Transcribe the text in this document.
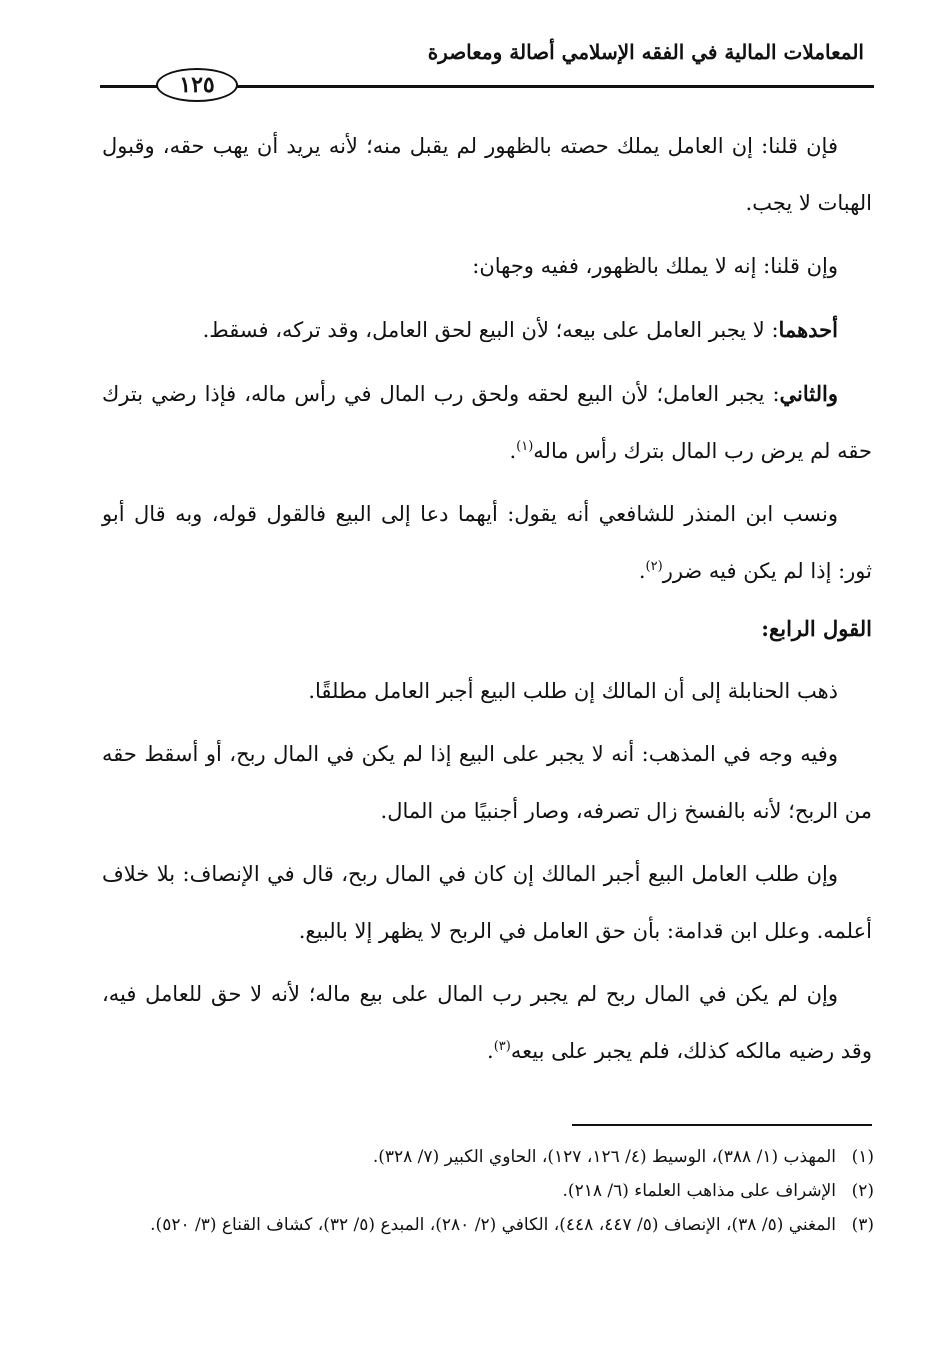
المعاملات المالية في الفقه الإسلامي أصالة ومعاصرة
١٢٥

فإن قلنا: إن العامل يملك حصته بالظهور لم يقبل منه؛ لأنه يريد أن يهب حقه، وقبول الهبات لا يجب.

وإن قلنا: إنه لا يملك بالظهور، ففيه وجهان:

أحدهما: لا يجبر العامل على بيعه؛ لأن البيع لحق العامل، وقد تركه، فسقط.

والثاني: يجبر العامل؛ لأن البيع لحقه ولحق رب المال في رأس ماله، فإذا رضي بترك حقه لم يرض رب المال بترك رأس ماله$^{(١)}$.

ونسب ابن المنذر للشافعي أنه يقول: أيهما دعا إلى البيع فالقول قوله، وبه قال أبو ثور: إذا لم يكن فيه ضرر$^{(٢)}$.

القول الرابع:

ذهب الحنابلة إلى أن المالك إن طلب البيع أجبر العامل مطلقًا.

وفيه وجه في المذهب: أنه لا يجبر على البيع إذا لم يكن في المال ربح، أو أسقط حقه من الربح؛ لأنه بالفسخ زال تصرفه، وصار أجنبيًا من المال.

وإن طلب العامل البيع أجبر المالك إن كان في المال ربح، قال في الإنصاف: بلا خلاف أعلمه. وعلل ابن قدامة: بأن حق العامل في الربح لا يظهر إلا بالبيع.

وإن لم يكن في المال ربح لم يجبر رب المال على بيع ماله؛ لأنه لا حق للعامل فيه، وقد رضيه مالكه كذلك، فلم يجبر على بيعه$^{(٣)}$.

(١)
المهذب (١/ ٣٨٨)، الوسيط (٤/ ١٢٦، ١٢٧)، الحاوي الكبير (٧/ ٣٢٨).

(٢)
الإشراف على مذاهب العلماء (٦/ ٢١٨).

(٣)
المغني (٥/ ٣٨)، الإنصاف (٥/ ٤٤٧، ٤٤٨)، الكافي (٢/ ٢٨٠)، المبدع (٥/ ٣٢)، كشاف القناع (٣/ ٥٢٠).
